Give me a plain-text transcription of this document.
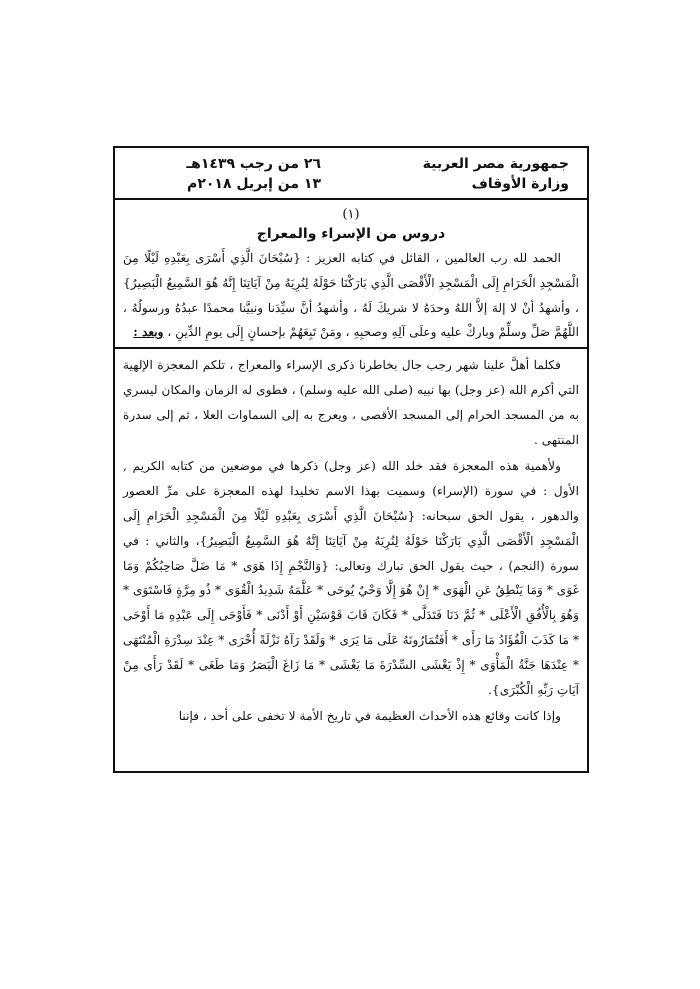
جمهورية مصر العربية
وزارة الأوقاف
٢٦ من رجب ١٤٣٩هـ
١٣ من إبريل ٢٠١٨م
(١)
دروس من الإسراء والمعراج

الحمد لله رب العالمين ، القائل في كتابه العزيز : {سُبْحَانَ الَّذِي أَسْرَى بِعَبْدِهِ لَيْلًا مِنَ الْمَسْجِدِ الْحَرَامِ إِلَى الْمَسْجِدِ الْأَقْصَى الَّذِي بَارَكْنَا حَوْلَهُ لِنُرِيَهُ مِنْ آيَاتِنَا إِنَّهُ هُوَ السَّمِيعُ الْبَصِيرُ} ، وأشهدُ أنْ لا إلهَ إلاَّ اللهُ وحدَهُ لا شريكَ لَهُ ، وأشهدُ أنَّ سيِّدَنا ونبيَّنا محمدًا عبدُهُ ورسولُهُ ، اللَّهُمَّ صَلِّ وسلِّمْ وباركْ عليه وعلَى آلِهِ وصحبِهِ ، ومَنْ تَبِعَهُمْ بإحسانٍ إِلَى يومِ الدِّينِ ، وبعد :

فكلما أهلَّ علينا شهر رجب جال بخاطرنا ذكرى الإسراء والمعراج ، تلكم المعجزة الإلهية التي أكرم الله (عز وجل) بها نبيه (صلى الله عليه وسلم) ، فطوى له الزمان والمكان ليسري به من المسجد الحرام إلى المسجد الأقصى ، ويعرج به إلى السماوات العلا ، ثم إلى سدرة المنتهى .

ولأهمية هذه المعجزة فقد خلد الله (عز وجل) ذكرها في موضعين من كتابه الكريم , الأول : في سورة (الإسراء) وسميت بهذا الاسم تخليدا لهذه المعجزة على مرِّ العصور والدهور ، يقول الحق سبحانه: {سُبْحَانَ الَّذِي أَسْرَى بِعَبْدِهِ لَيْلًا مِنَ الْمَسْجِدِ الْحَرَامِ إِلَى الْمَسْجِدِ الْأَقْصَى الَّذِي بَارَكْنَا حَوْلَهُ لِنُرِيَهُ مِنْ آيَاتِنَا إِنَّهُ هُوَ السَّمِيعُ الْبَصِيرُ}، والثاني : في سورة (النجم) ، حيث يقول الحق تبارك وتعالى: {وَالنَّجْمِ إِذَا هَوَى * مَا ضَلَّ صَاحِبُكُمْ وَمَا غَوَى * وَمَا يَنْطِقُ عَنِ الْهَوَى * إِنْ هُوَ إِلَّا وَحْيٌ يُوحَى * عَلَّمَهُ شَدِيدُ الْقُوَى * ذُو مِرَّةٍ فَاسْتَوَى * وَهُوَ بِالْأُفُقِ الْأَعْلَى * ثُمَّ دَنَا فَتَدَلَّى * فَكَانَ قَابَ قَوْسَيْنِ أَوْ أَدْنَى * فَأَوْحَى إِلَى عَبْدِهِ مَا أَوْحَى * مَا كَذَبَ الْفُؤَادُ مَا رَأَى * أَفَتُمَارُونَهُ عَلَى مَا يَرَى * وَلَقَدْ رَآهُ نَزْلَةً أُخْرَى * عِنْدَ سِدْرَةِ الْمُنْتَهَى * عِنْدَهَا جَنَّةُ الْمَأْوَى * إِذْ يَغْشَى السِّدْرَةَ مَا يَغْشَى * مَا زَاغَ الْبَصَرُ وَمَا طَغَى * لَقَدْ رَأَى مِنْ آيَاتِ رَبِّهِ الْكُبْرَى}.

وإذا كانت وقائع هذه الأحداث العظيمة في تاريخ الأمة لا تخفى على أحد ، فإننا
